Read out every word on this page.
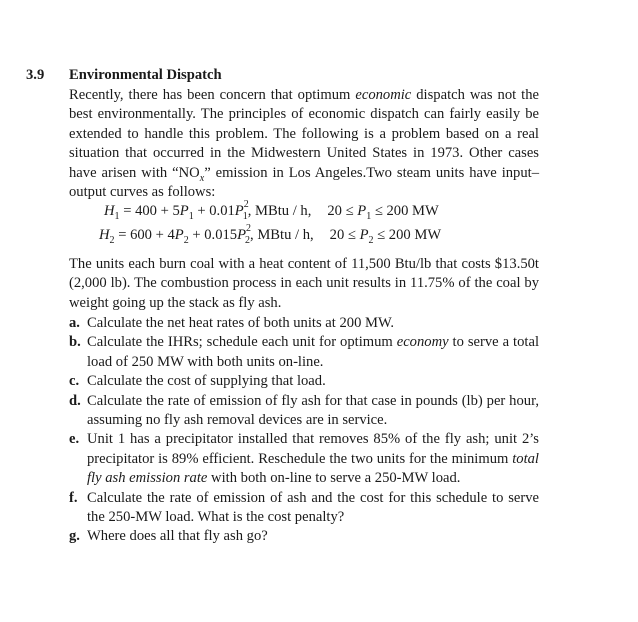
3.9 Environmental Dispatch
Recently, there has been concern that optimum economic dispatch was not the best environmentally. The principles of economic dispatch can fairly easily be extended to handle this problem. The following is a problem based on a real situation that occurred in the Midwestern United States in 1973. Other cases have arisen with “$NO_x$” emission in Los Angeles.Two steam units have input–output curves as follows:
$H_1 = 400 + 5P_1 + 0.01P^2_1$, MBtu / h, $20 \le P_1 \le 200$ MW
$H_2 = 600 + 4P_2 + 0.015P^2_2$, MBtu / h, $20 \le P_2 \le 200$ MW
The units each burn coal with a heat content of 11,500 Btu/lb that costs $13.50t (2,000 lb). The combustion process in each unit results in 11.75% of the coal by weight going up the stack as fly ash.
a. Calculate the net heat rates of both units at 200 MW.
b. Calculate the IHRs; schedule each unit for optimum economy to serve a total load of 250 MW with both units on-line.
c. Calculate the cost of supplying that load.
d. Calculate the rate of emission of fly ash for that case in pounds (lb) per hour, assuming no fly ash removal devices are in service.
e. Unit 1 has a precipitator installed that removes 85% of the fly ash; unit 2’s precipitator is 89% efficient. Reschedule the two units for the minimum total fly ash emission rate with both on-line to serve a 250-MW load.
f. Calculate the rate of emission of ash and the cost for this schedule to serve the 250-MW load. What is the cost penalty?
g. Where does all that fly ash go?
